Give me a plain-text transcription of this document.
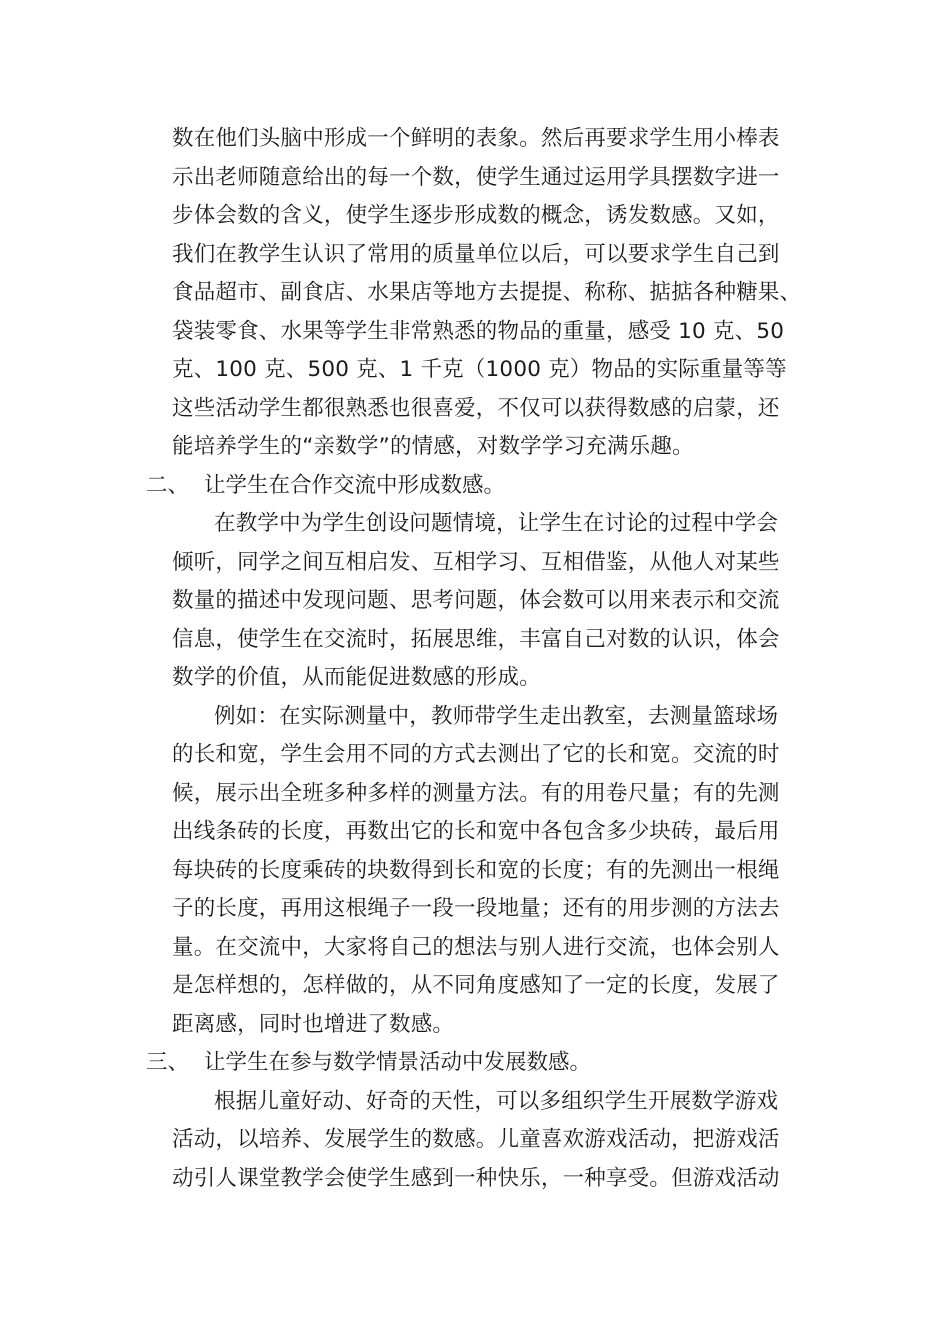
数在他们头脑中形成一个鲜明的表象。然后再要求学生用小棒表
示出老师随意给出的每一个数，使学生通过运用学具摆数字进一
步体会数的含义，使学生逐步形成数的概念，诱发数感。又如，
我们在教学生认识了常用的质量单位以后，可以要求学生自己到
食品超市、副食店、水果店等地方去提提、称称、掂掂各种糖果、
袋装零食、水果等学生非常熟悉的物品的重量，感受 10 克、50
克、100 克、500 克、1 千克（1000 克）物品的实际重量等等
这些活动学生都很熟悉也很喜爱，不仅可以获得数感的启蒙，还
能培养学生的“亲数学”的情感，对数学学习充满乐趣。
二、 让学生在合作交流中形成数感。
在教学中为学生创设问题情境，让学生在讨论的过程中学会
倾听，同学之间互相启发、互相学习、互相借鉴，从他人对某些
数量的描述中发现问题、思考问题，体会数可以用来表示和交流
信息，使学生在交流时，拓展思维，丰富自己对数的认识，体会
数学的价值，从而能促进数感的形成。
例如：在实际测量中，教师带学生走出教室，去测量篮球场
的长和宽，学生会用不同的方式去测出了它的长和宽。交流的时
候，展示出全班多种多样的测量方法。有的用卷尺量；有的先测
出线条砖的长度，再数出它的长和宽中各包含多少块砖，最后用
每块砖的长度乘砖的块数得到长和宽的长度；有的先测出一根绳
子的长度，再用这根绳子一段一段地量；还有的用步测的方法去
量。在交流中，大家将自己的想法与别人进行交流，也体会别人
是怎样想的，怎样做的，从不同角度感知了一定的长度，发展了
距离感，同时也增进了数感。
三、 让学生在参与数学情景活动中发展数感。
根据儿童好动、好奇的天性，可以多组织学生开展数学游戏
活动，以培养、发展学生的数感。儿童喜欢游戏活动，把游戏活
动引人课堂教学会使学生感到一种快乐，一种享受。但游戏活动
